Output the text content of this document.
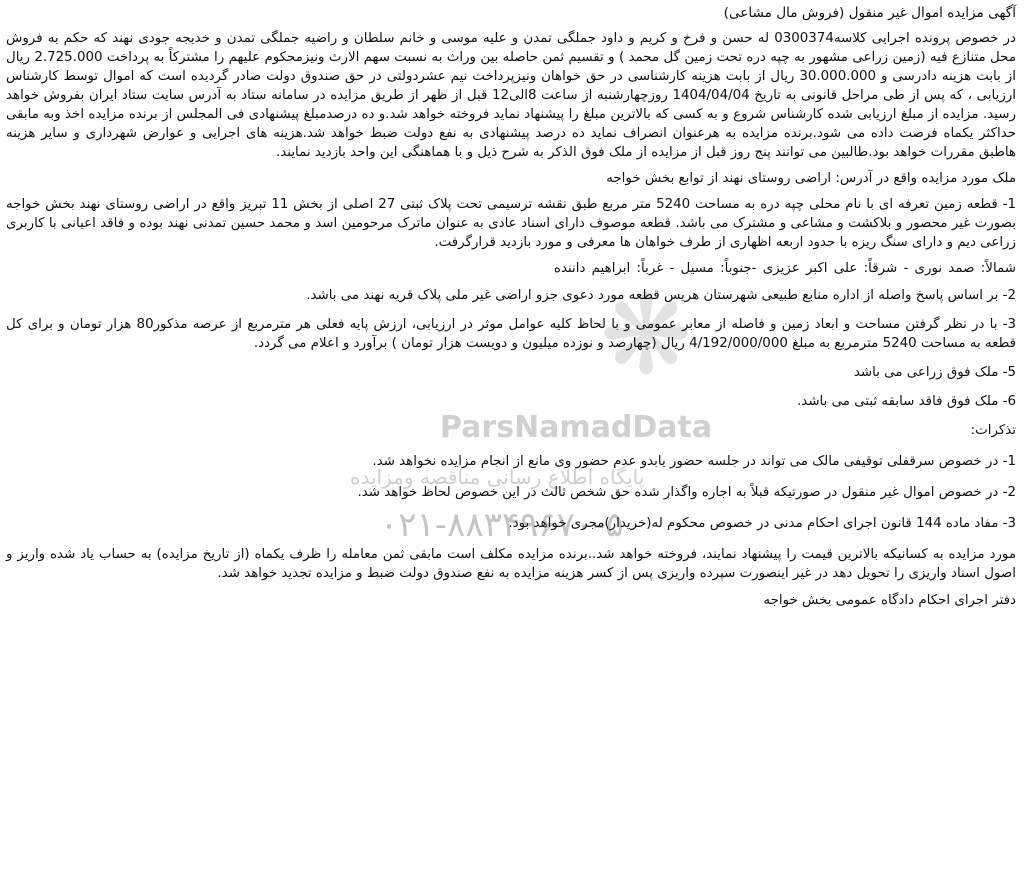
❋
ParsNamadData
پایگاه اطلاع رسانی مناقصه ومزایده
۰۲۱-۸۸۳۴۹۶۷۰-۵

آگهی مزایده اموال غیر منقول (فروش مال مشاعی)

در خصوص پرونده اجرایی کلاسه0300374 له حسن و فرخ و کریم و داود جملگی تمدن و علیه موسی و خانم سلطان و راضیه جملگی تمدن و خدیجه جودی نهند که حکم به فروش محل متنازع فیه (زمین زراعی مشهور به چپه دره تحت زمین گل محمد ) و تقسیم ثمن حاصله بین وراث به نسبت سهم الارث ونیزمحکوم علیهم را مشترکاً به پرداخت 2.725.000 ریال از بابت هزینه دادرسی و 30.000.000 ریال از بابت هزینه کارشناسی در حق خواهان ونیزپرداخت نیم عشردولتی در حق صندوق دولت صادر گردیده است که اموال توسط کارشناس ارزیابی ، که پس از طی مراحل قانونی به تاریخ 1404/04/04 روزچهارشنبه از ساعت 8الی12 قبل از ظهر از طریق مزایده در سامانه ستاد به آدرس سایت ستاد ایران بفروش خواهد رسید. مزایده از مبلغ ارزیابی شده کارشناس شروع و به کسی که بالاترین مبلغ را پیشنهاد نماید فروخته خواهد شد.و ده درصدمبلغ پیشنهادی فی المجلس از برنده مزایده اخذ وبه مابقی حداکثر یکماه فرصت داده می شود.برنده مزایده به هرعنوان انصراف نماید ده درصد پیشنهادی به نفع دولت ضبط خواهد شد.هزینه های اجرایی و عوارض شهرداری و سایر هزینه هاطبق مقررات خواهد بود.طالبین می توانند پنج روز قبل از مزایده از ملک فوق الذکر به شرح ذیل و با هماهنگی این واحد بازدید نمایند.

ملک مورد مزایده واقع در آدرس: اراضی روستای نهند از توابع بخش خواجه

1- قطعه زمین تعرفه ای با نام محلی چپه دره به مساحت 5240 متر مربع طبق نقشه ترسیمی تحت پلاک ثبتی 27 اصلی از بخش 11 تبریز واقع در اراضی روستای نهند بخش خواجه بصورت غیر محصور و بلاکشت و مشاعی و مشترک می باشد. قطعه موصوف دارای اسناد عادی به عنوان ماترک مرحومین اسد و محمد حسین تمدنی نهند بوده و فاقد اعیانی با کاربری زراعی دیم و دارای سنگ ریزه با حدود اربعه اظهاری از طرف خواهان ها معرفی و مورد بازدید قرارگرفت.

شمالاً: صمد نوری - شرقاً: علی اکبر عزیزی -جنوباً: مسیل - غرباً: ابراهیم داننده

2- بر اساس پاسخ واصله از اداره منابع طبیعی شهرستان هریس قطعه مورد دعوی جزو اراضی غیر ملی پلاک قریه نهند می باشد.

3- با در نظر گرفتن مساحت و ابعاد زمین و فاصله از معابر عمومی و با لحاظ کلیه عوامل موثر در ارزیابی، ارزش پایه فعلی هر مترمربع از عرصه مذکور80 هزار تومان و برای کل قطعه به مساحت 5240 مترمربع به مبلغ 4/192/000/000 ریال (چهارصد و نوزده میلیون و دویست هزار تومان ) برآورد و اعلام می گردد.

5- ملک فوق زراعی می باشد

6- ملک فوق فاقد سابقه ثبتی می باشد.

تذکرات:

1- در خصوص سرقفلی توقیفی مالک می تواند در جلسه حضور یابدو عدم حضور وی مانع از انجام مزایده نخواهد شد.

2- در خصوص اموال غیر منقول در صورتیکه قبلاً به اجاره واگذار شده حق شخص ثالث در این خصوص لحاظ خواهد شد.

3- مفاد ماده 144 قانون اجرای احکام مدنی در خصوص محکوم له(خریدار)مجری خواهد بود.

مورد مزایده به کسانیکه بالاترین قیمت را پیشنهاد نمایند، فروخته خواهد شد..برنده مزایده مکلف است مابقی ثمن معامله را ظرف یکماه (از تاریخ مزایده) به حساب یاد شده واریز و اصول اسناد واریزی را تحویل دهد در غیر اینصورت سپرده واریزی پس از کسر هزینه مزایده به نفع صندوق دولت ضبط و مزایده تجدید خواهد شد.

دفتر اجرای احکام دادگاه عمومی بخش خواجه
